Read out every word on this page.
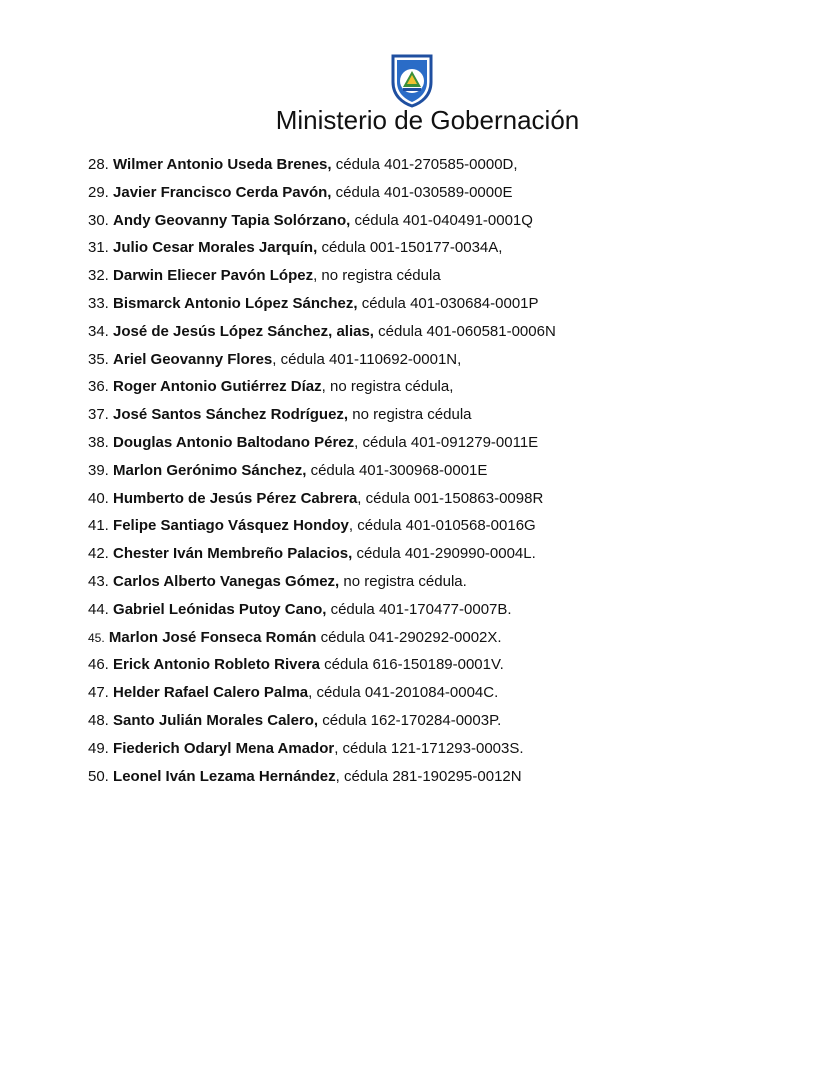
Ministerio de Gobernación
28. Wilmer Antonio Useda Brenes, cédula 401-270585-0000D,
29. Javier Francisco Cerda Pavón, cédula 401-030589-0000E
30. Andy Geovanny Tapia Solórzano, cédula 401-040491-0001Q
31. Julio Cesar Morales Jarquín, cédula 001-150177-0034A,
32. Darwin Eliecer Pavón López, no registra cédula
33. Bismarck Antonio López Sánchez, cédula 401-030684-0001P
34. José de Jesús López Sánchez, alias, cédula 401-060581-0006N
35. Ariel Geovanny Flores, cédula 401-110692-0001N,
36. Roger Antonio Gutiérrez Díaz, no registra cédula,
37. José Santos Sánchez Rodríguez, no registra cédula
38. Douglas Antonio Baltodano Pérez, cédula 401-091279-0011E
39. Marlon Gerónimo Sánchez, cédula 401-300968-0001E
40. Humberto de Jesús Pérez Cabrera, cédula 001-150863-0098R
41. Felipe Santiago Vásquez Hondoy, cédula 401-010568-0016G
42. Chester Iván Membreño Palacios, cédula 401-290990-0004L.
43. Carlos Alberto Vanegas Gómez, no registra cédula.
44. Gabriel Leónidas Putoy Cano, cédula 401-170477-0007B.
45. Marlon José Fonseca Román cédula 041-290292-0002X.
46. Erick Antonio Robleto Rivera cédula 616-150189-0001V.
47. Helder Rafael Calero Palma, cédula 041-201084-0004C.
48. Santo Julián Morales Calero, cédula 162-170284-0003P.
49. Fiederich Odaryl Mena Amador, cédula 121-171293-0003S.
50. Leonel Iván Lezama Hernández, cédula 281-190295-0012N
